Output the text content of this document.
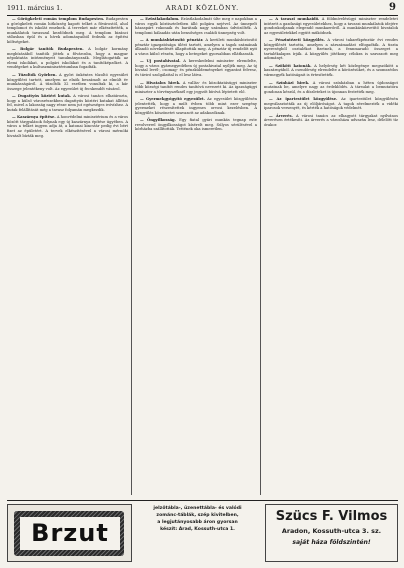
1911. március 1.	ARADI KÖZLÖNY.	9

— Görögkeleti román templom Budapesten. Budapesten a görögkeleti román hitközség kapott telket a fővárostól, ahol templomot és iskolát emelnek. A terveket már elkészítették, a munkálatok tavasszal kezdődnek meg. A templom bizánci stílusban épül és a hívek adományaiból fedezik az építési költségeket.

— Bolgár tanítók Budapesten. A bolgár kormány megbízásából tanítók jöttek a fővárosba, hogy a magyar népoktatás intézményeit tanulmányozzák. Meglátogatták az elemi iskolákat, a polgári iskolákat és a tanítóképzőket. A vendégeket a kultuszminisztériumban fogadták.

— Tüzoltók Győrben. A győri önkéntes tűzoltó egyesület közgyűlést tartott, amelyen az elnök beszámolt az elmúlt év munkásságáról. A tűzoltók 32 esetben vonultak ki, a kár összege jelentékeny volt. Az egyesület új fecskendőt vásárol.

— Dugattyús köztéri kutak. A városi tanács elhatározta, hogy a külső városrészekben dugattyús köztéri kutakat állíttat fel, mivel a lakosság nagy része nem jut egészséges ivóvízhez. A kutak felállítását még a tavasz folyamán megkezdik.

— Kaszárnya építése. A honvédelmi minisztérium és a város között tárgyalások folynak egy új kaszárnya építése ügyében. A város a telket ingyen adja át, a katonai kincstár pedig évi bért fizet az épületért. A tervek elkészítésével a városi mérnöki hivatalt bízták meg.

— Ezüstlakodalom. Ezüstlakodalmát ülte meg e napokban a város egyik köztiszteletben álló polgára nejével. Az ünnepelt házaspárt rokonaik és barátaik nagy számban üdvözölték. A templomi hálaadás után bensőséges családi ünnepség volt.

— A munkásbiztosító pénztár. A kerületi munkásbiztosító pénztár igazgatósága ülést tartott, amelyen a tagok számának állandó növekedését állapították meg. A pénztár új rendelőt nyit a város külső részén, hogy a betegeket gyorsabban elláthassák.

— Uj postahivatal. A kereskedelmi miniszter elrendelte, hogy a város gyárnegyedében új postahivatal nyíljék meg. Az új hivatal levél-, csomag- és pénzküldeményeket egyaránt felvesz, és táviró szolgálattal is el lesz látva.

— Hivatalos hirek. A vallás- és közoktatásügyi miniszter több községi tanítót rendes tanítóvá nevezett ki. Az igazságügyi miniszter a törvényszéknél egy jegyzőt bíróvá léptetett elő.

— Gyermekgyógyító egyesület. Az egyesület közgyűlésén jelentették, hogy a múlt évben több mint ezer szegény gyermeket részesítettek ingyenes orvosi kezelésben. A közgyűlés köszönetet szavazott az adakozóknak.

— Öngyilkosság. Egy fiatal gyári munkás tegnap este revolverrel öngyilkosságot kísérelt meg. Súlyos sérülésével a kórházba szállították. Tettének oka ismeretlen.

— A tavaszi munkaidő. A földmívelésügyi miniszter rendeletet intézett a gazdasági egyesületekhez, hogy a tavaszi munkálatok idejére gondoskodjanak elegendő munkaerőről. A munkásközvetítő hivatalok az egyesületekkel együtt működnek.

— Pénzintézeti közgyűlés. A városi takarékpénztár évi rendes közgyűlését tartotta, amelyen a zárszámadást elfogadták. A tiszta nyereségből osztalékot fizetnek, a fennmaradó összeget a tartalékalapra írják. A közgyűlés jótékony célokra is szavazott meg adományt.

— Szökött katonák. A helyőrség két közlegénye megszökött a kaszárnyából. A csendőrség elrendelte a körözésüket, és a szomszédos vármegyék hatóságait is értesítették.

— Színházi hirek. A városi színházban a héten újdonságot mutatnak be, amelyre nagy az érdeklődés. A társulat a bemutatóra gondosan készül, és a díszleteket is újonnan festették meg.

— Az ipartestület közgyűlése. Az ipartestület közgyűlésén megválasztották az új elöljáróságot. A tagok sérelmezték a vidéki iparosok versenyét, és kérték a hatóságok védelmét.

— Árverés. A városi tanács az elhagyott tárgyakat nyilvános árverésen értékesíti. Az árverés a városháza udvarán lesz, délelőtt tíz órakor.

Brzut
jelzőtábla-, üzenettábla- és valódi
zománc-táblák, szép kivitelben,
a legjutányosabb áron gyorsan
készít: Arad, Kossuth-utca 1.
Szücs F. Vilmos
Aradon, Kossuth-utca 3. sz.
saját háza földszintén!
